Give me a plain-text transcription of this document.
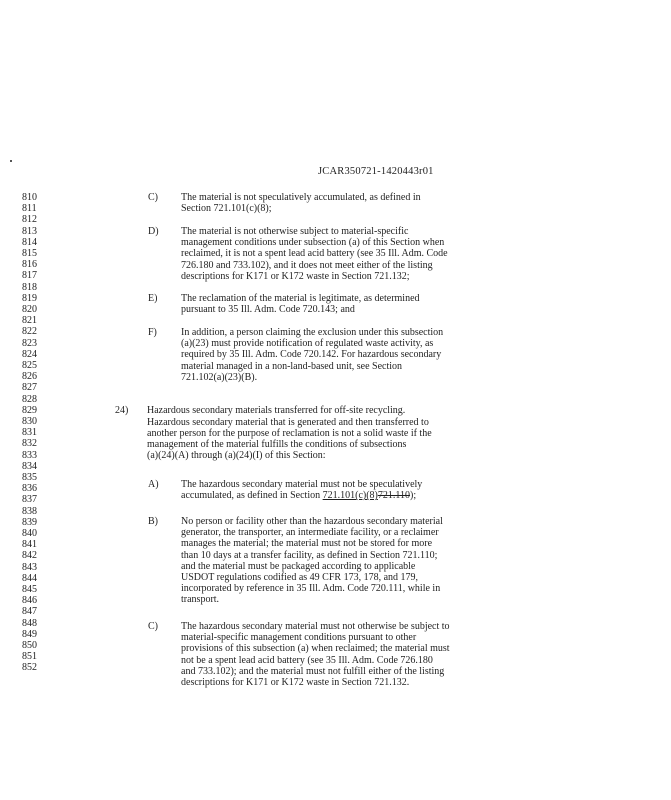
JCAR350721-1420443r01
810
811
812
813
814
815
816
817
818
819
820
821
822
823
824
825
826
827
828
829
830
831
832
833
834
835
836
837
838
839
840
841
842
843
844
845
846
847
848
849
850
851
852
C) The material is not speculatively accumulated, as defined in
Section 721.101(c)(8);
D) The material is not otherwise subject to material-specific
management conditions under subsection (a) of this Section when
reclaimed, it is not a spent lead acid battery (see 35 Ill. Adm. Code
726.180 and 733.102), and it does not meet either of the listing
descriptions for K171 or K172 waste in Section 721.132;
E) The reclamation of the material is legitimate, as determined
pursuant to 35 Ill. Adm. Code 720.143; and
F) In addition, a person claiming the exclusion under this subsection
(a)(23) must provide notification of regulated waste activity, as
required by 35 Ill. Adm. Code 720.142. For hazardous secondary
material managed in a non-land-based unit, see Section
721.102(a)(23)(B).
24) Hazardous secondary materials transferred for off-site recycling.
Hazardous secondary material that is generated and then transferred to
another person for the purpose of reclamation is not a solid waste if the
management of the material fulfills the conditions of subsections
(a)(24)(A) through (a)(24)(I) of this Section:
A) The hazardous secondary material must not be speculatively
accumulated, as defined in Section 721.101(c)(8)721.110);
B) No person or facility other than the hazardous secondary material
generator, the transporter, an intermediate facility, or a reclaimer
manages the material; the material must not be stored for more
than 10 days at a transfer facility, as defined in Section 721.110;
and the material must be packaged according to applicable
USDOT regulations codified as 49 CFR 173, 178, and 179,
incorporated by reference in 35 Ill. Adm. Code 720.111, while in
transport.
C) The hazardous secondary material must not otherwise be subject to
material-specific management conditions pursuant to other
provisions of this subsection (a) when reclaimed; the material must
not be a spent lead acid battery (see 35 Ill. Adm. Code 726.180
and 733.102); and the material must not fulfill either of the listing
descriptions for K171 or K172 waste in Section 721.132.
